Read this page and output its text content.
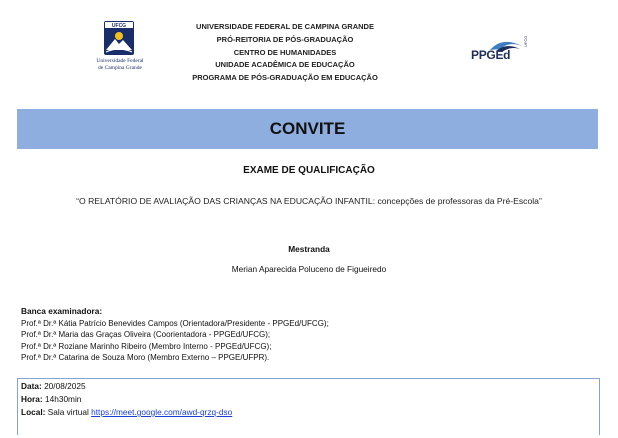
UFCG
Universidade Federal
de Campina Grande
UNIVERSIDADE FEDERAL DE CAMPINA GRANDE
PRÓ-REITORIA DE PÓS-GRADUAÇÃO
CENTRO DE HUMANIDADES
UNIDADE ACADÊMICA DE EDUCAÇÃO
PROGRAMA DE PÓS-GRADUAÇÃO EM EDUCAÇÃO
PPGEd
UFCG
CONVITE
EXAME DE QUALIFICAÇÃO
“O RELATÓRIO DE AVALIAÇÃO DAS CRIANÇAS NA EDUCAÇÃO INFANTIL: concepções de professoras da Pré-Escola”
Mestranda
Merian Aparecida Poluceno de Figueiredo
Banca examinadora:
Prof.ª Dr.ª Kátia Patrício Benevides Campos (Orientadora/Presidente - PPGEd/UFCG);
Prof.ª Dr.ª Maria das Graças Oliveira (Coorientadora - PPGEd/UFCG);
Prof.ª Dr.ª Roziane Marinho Ribeiro (Membro Interno - PPGEd/UFCG);
Prof.ª Dr.ª Catarina de Souza Moro (Membro Externo – PPGE/UFPR).
Data: 20/08/2025
Hora: 14h30min
Local: Sala virtual https://meet.google.com/awd-qrzq-dso
